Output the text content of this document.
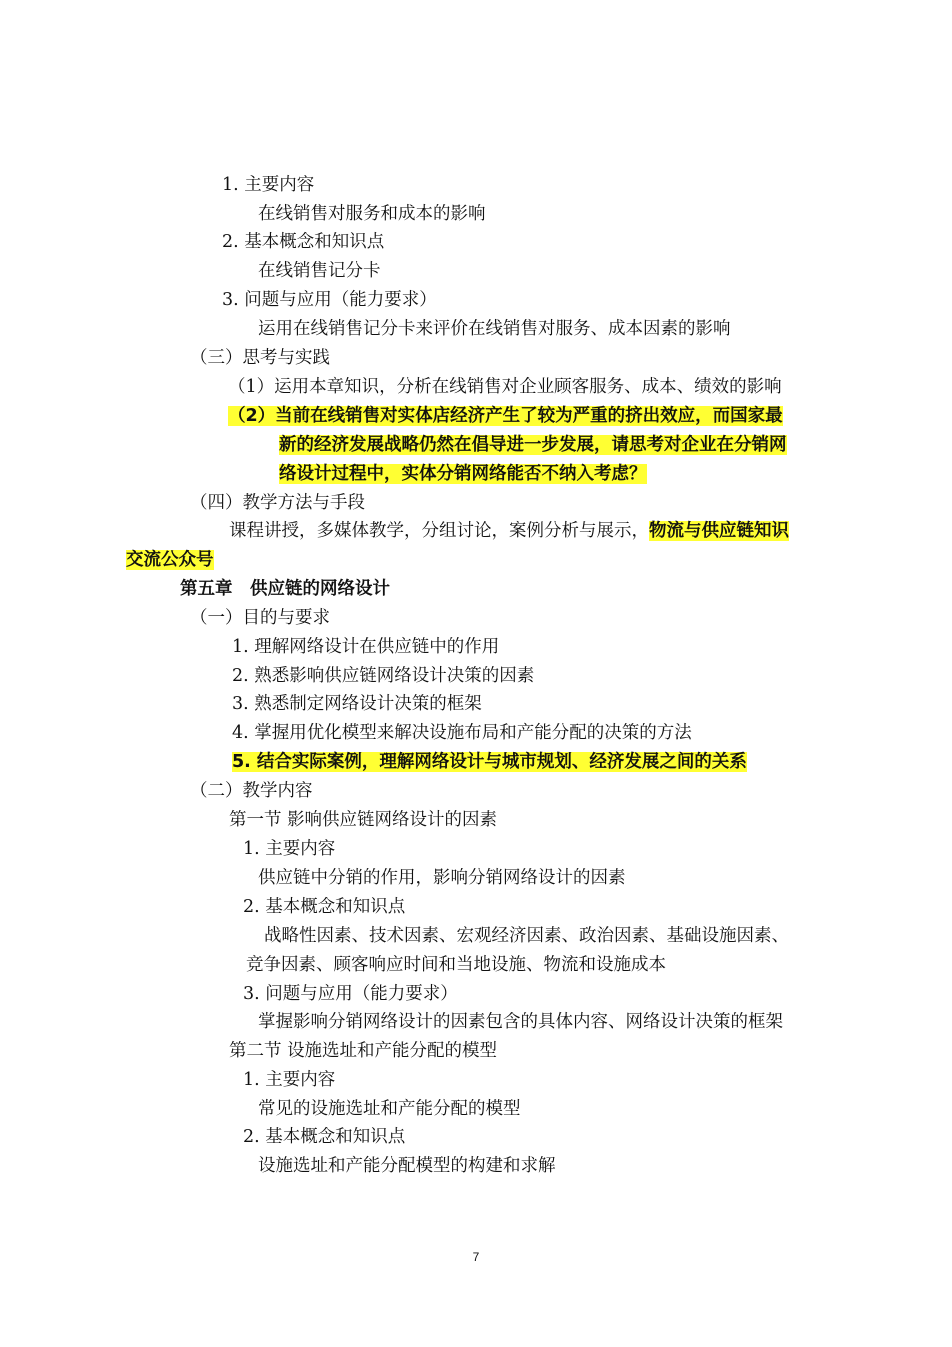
1. 主要内容
在线销售对服务和成本的影响
2. 基本概念和知识点
在线销售记分卡
3. 问题与应用（能力要求）
运用在线销售记分卡来评价在线销售对服务、成本因素的影响
（三）思考与实践
（1）运用本章知识，分析在线销售对企业顾客服务、成本、绩效的影响
（2）当前在线销售对实体店经济产生了较为严重的挤出效应，而国家最
新的经济发展战略仍然在倡导进一步发展，请思考对企业在分销网
络设计过程中，实体分销网络能否不纳入考虑？
（四）教学方法与手段
课程讲授，多媒体教学，分组讨论，案例分析与展示，物流与供应链知识
交流公众号
第五章　供应链的网络设计
（一）目的与要求
1. 理解网络设计在供应链中的作用
2. 熟悉影响供应链网络设计决策的因素
3. 熟悉制定网络设计决策的框架
4. 掌握用优化模型来解决设施布局和产能分配的决策的方法
5. 结合实际案例，理解网络设计与城市规划、经济发展之间的关系
（二）教学内容
第一节 影响供应链网络设计的因素
1. 主要内容
供应链中分销的作用，影响分销网络设计的因素
2. 基本概念和知识点
战略性因素、技术因素、宏观经济因素、政治因素、基础设施因素、
竞争因素、顾客响应时间和当地设施、物流和设施成本
3. 问题与应用（能力要求）
掌握影响分销网络设计的因素包含的具体内容、网络设计决策的框架
第二节 设施选址和产能分配的模型
1. 主要内容
常见的设施选址和产能分配的模型
2. 基本概念和知识点
设施选址和产能分配模型的构建和求解
7
